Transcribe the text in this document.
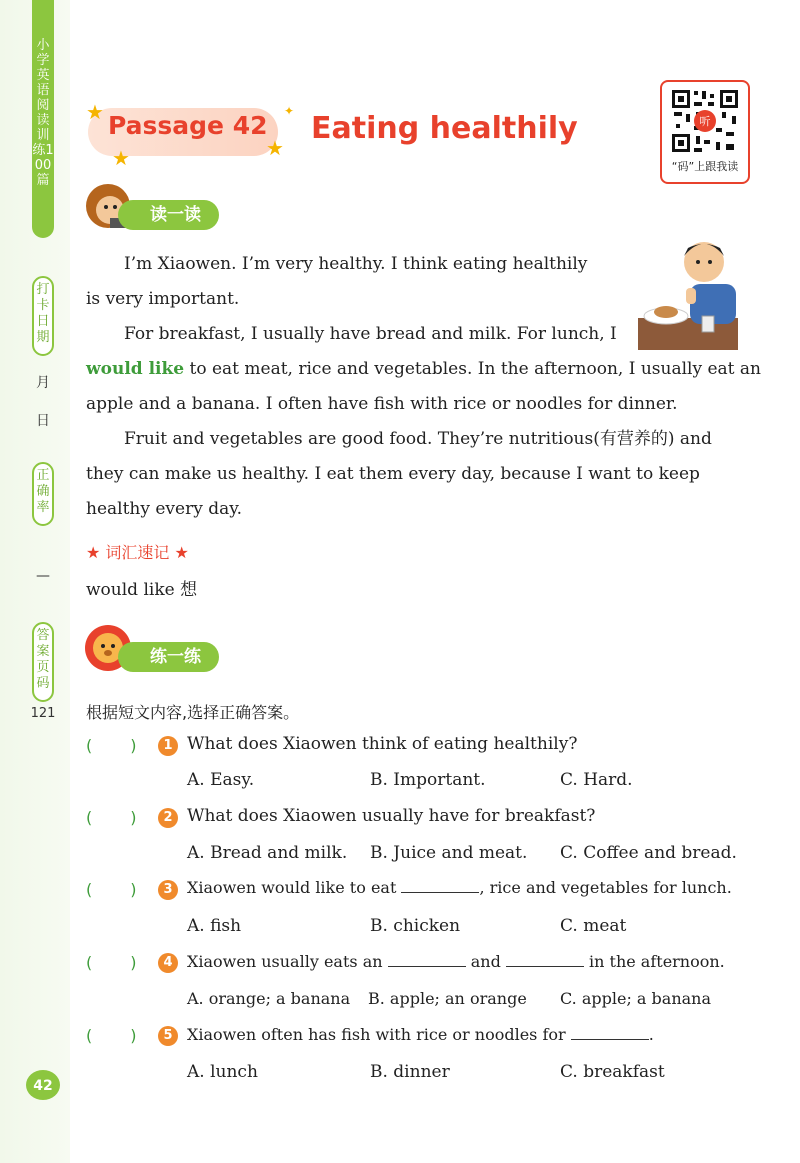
小学英语阅读训练100篇
打卡日期
月
日
正确率
—
答案页码
121
42
★
★	★
✦
Passage 42 Eating healthily	听
“码”上跟我读
读一读

I’m Xiaowen. I’m very healthy. I think eating healthily

is very important.

For breakfast, I usually have bread and milk. For lunch, I

would like to eat meat, rice and vegetables. In the afternoon, I usually eat an

apple and a banana. I often have fish with rice or noodles for dinner.

Fruit and vegetables are good food. They’re nutritious(有营养的) and

they can make us healthy. I eat them every day, because I want to keep

healthy every day.

★ 词汇速记 ★
would like 想
练一练
根据短文内容,选择正确答案。
( )	1 What does Xiaowen think of eating healthily?
A. Easy.	B. Important.	C. Hard.
( )	2 What does Xiaowen usually have for breakfast?
A. Bread and milk. B. Juice and meat. C. Coffee and bread.
( )	3 Xiaowen would like to eat	, rice and vegetables for lunch.
A. fish	B. chicken	C. meat
( )	4 Xiaowen usually eats an	and	in the afternoon.
A. orange; a banana B. apple; an orange C. apple; a banana
( )	5 Xiaowen often has fish with rice or noodles for	.
A. lunch	B. dinner	C. breakfast
